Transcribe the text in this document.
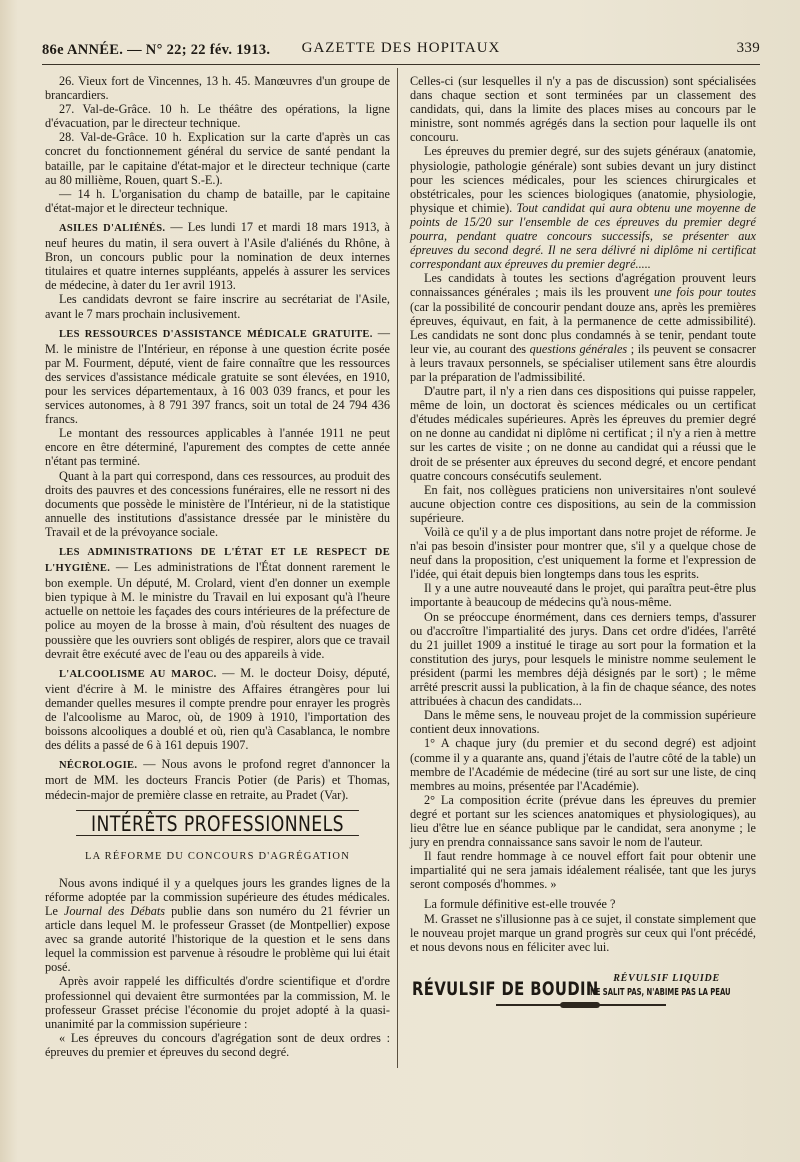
86e ANNÉE. — N° 22; 22 fév. 1913.	GAZETTE DES HOPITAUX	339

26. Vieux fort de Vincennes, 13 h. 45. Manœuvres d'un groupe de brancardiers.

27. Val-de-Grâce. 10 h. Le théâtre des opérations, la ligne d'évacuation, par le directeur technique.

28. Val-de-Grâce. 10 h. Explication sur la carte d'après un cas concret du fonctionnement général du service de santé pendant la bataille, par le capitaine d'état-major et le directeur technique (carte au 80 millième, Rouen, quart S.-E.).

— 14 h. L'organisation du champ de bataille, par le capitaine d'état-major et le directeur technique.

ASILES D'ALIÉNÉS. — Les lundi 17 et mardi 18 mars 1913, à neuf heures du matin, il sera ouvert à l'Asile d'aliénés du Rhône, à Bron, un concours public pour la nomination de deux internes titulaires et quatre internes suppléants, appelés à assurer les services de médecine, à dater du 1er avril 1913.

Les candidats devront se faire inscrire au secrétariat de l'Asile, avant le 7 mars prochain inclusivement.

LES RESSOURCES D'ASSISTANCE MÉDICALE GRATUITE. — M. le ministre de l'Intérieur, en réponse à une question écrite posée par M. Fourment, député, vient de faire connaître que les ressources des services d'assistance médicale gratuite se sont élevées, en 1910, pour les services départementaux, à 16 003 039 francs, et pour les services autonomes, à 8 791 397 francs, soit un total de 24 794 436 francs.

Le montant des ressources applicables à l'année 1911 ne peut encore en être déterminé, l'apurement des comptes de cette année n'étant pas terminé.

Quant à la part qui correspond, dans ces ressources, au produit des droits des pauvres et des concessions funéraires, elle ne ressort ni des documents que possède le ministère de l'Intérieur, ni de la statistique annuelle des institutions d'assistance dressée par le ministère du Travail et de la prévoyance sociale.

LES ADMINISTRATIONS DE L'ÉTAT ET LE RESPECT DE L'HYGIÈNE. — Les administrations de l'État donnent rarement le bon exemple. Un député, M. Crolard, vient d'en donner un exemple bien typique à M. le ministre du Travail en lui exposant qu'à l'heure actuelle on nettoie les façades des cours intérieures de la préfecture de police au moyen de la brosse à main, d'où résultent des nuages de poussière que les ouvriers sont obligés de respirer, alors que ce travail devrait être exécuté avec de l'eau ou des appareils à vide.

L'ALCOOLISME AU MAROC. — M. le docteur Doisy, député, vient d'écrire à M. le ministre des Affaires étrangères pour lui demander quelles mesures il compte prendre pour enrayer les progrès de l'alcoolisme au Maroc, où, de 1909 à 1910, l'importation des boissons alcooliques a doublé et où, rien qu'à Casablanca, le nombre des délits a passé de 6 à 161 depuis 1907.

NÉCROLOGIE. — Nous avons le profond regret d'annoncer la mort de MM. les docteurs Francis Potier (de Paris) et Thomas, médecin-major de première classe en retraite, au Pradet (Var).

INTÉRÊTS PROFESSIONNELS
LA RÉFORME DU CONCOURS D'AGRÉGATION

Nous avons indiqué il y a quelques jours les grandes lignes de la réforme adoptée par la commission supérieure des études médicales. Le Journal des Débats publie dans son numéro du 21 février un article dans lequel M. le professeur Grasset (de Montpellier) expose avec sa grande autorité l'historique de la question et le sens dans lequel la commission est parvenue à résoudre le problème qui lui était posé.

Après avoir rappelé les difficultés d'ordre scientifique et d'ordre professionnel qui devaient être surmontées par la commission, M. le professeur Grasset précise l'économie du projet adopté à la quasi-unanimité par la commission supérieure :

« Les épreuves du concours d'agrégation sont de deux ordres : épreuves du premier et épreuves du second degré.

Celles-ci (sur lesquelles il n'y a pas de discussion) sont spécialisées dans chaque section et sont terminées par un classement des candidats, qui, dans la limite des places mises au concours par le ministre, sont nommés agrégés dans la section pour laquelle ils ont concouru.

Les épreuves du premier degré, sur des sujets généraux (anatomie, physiologie, pathologie générale) sont subies devant un jury distinct pour les sciences médicales, pour les sciences chirurgicales et obstétricales, pour les sciences biologiques (anatomie, physiologie, physique et chimie). Tout candidat qui aura obtenu une moyenne de points de 15/20 sur l'ensemble de ces épreuves du premier degré pourra, pendant quatre concours successifs, se présenter aux épreuves du second degré. Il ne sera délivré ni diplôme ni certificat correspondant aux épreuves du premier degré.....

Les candidats à toutes les sections d'agrégation prouvent leurs connaissances générales ; mais ils les prouvent une fois pour toutes (car la possibilité de concourir pendant douze ans, après les premières épreuves, équivaut, en fait, à la permanence de cette admissibilité). Les candidats ne sont donc plus condamnés à se tenir, pendant toute leur vie, au courant des questions générales ; ils peuvent se consacrer à leurs travaux personnels, se spécialiser utilement sans être alourdis par la préparation de l'admissibilité.

D'autre part, il n'y a rien dans ces dispositions qui puisse rappeler, même de loin, un doctorat ès sciences médicales ou un certificat d'études médicales supérieures. Après les épreuves du premier degré on ne donne au candidat ni diplôme ni certificat ; il n'y a rien à mettre sur les cartes de visite ; on ne donne au candidat qui a réussi que le droit de se présenter aux épreuves du second degré, et encore pendant quatre concours consécutifs seulement.

En fait, nos collègues praticiens non universitaires n'ont soulevé aucune objection contre ces dispositions, au sein de la commission supérieure.

Voilà ce qu'il y a de plus important dans notre projet de réforme. Je n'ai pas besoin d'insister pour montrer que, s'il y a quelque chose de neuf dans la proposition, c'est uniquement la forme et l'expression de l'idée, qui était depuis bien longtemps dans tous les esprits.

Il y a une autre nouveauté dans le projet, qui paraîtra peut-être plus importante à beaucoup de médecins qu'à nous-même.

On se préoccupe énormément, dans ces derniers temps, d'assurer ou d'accroître l'impartialité des jurys. Dans cet ordre d'idées, l'arrêté du 21 juillet 1909 a institué le tirage au sort pour la formation et la constitution des jurys, pour lesquels le ministre nomme seulement le président (parmi les membres déjà désignés par le sort) ; le même arrêté prescrit aussi la publication, à la fin de chaque séance, des notes attribuées à chacun des candidats...

Dans le même sens, le nouveau projet de la commission supérieure contient deux innovations.

1° A chaque jury (du premier et du second degré) est adjoint (comme il y a quarante ans, quand j'étais de l'autre côté de la table) un membre de l'Académie de médecine (tiré au sort sur une liste, de cinq membres au moins, présentée par l'Académie).

2° La composition écrite (prévue dans les épreuves du premier degré et portant sur les sciences anatomiques et physiologiques), au lieu d'être lue en séance publique par le candidat, sera anonyme ; le jury en prendra connaissance sans savoir le nom de l'auteur.

Il faut rendre hommage à ce nouvel effort fait pour obtenir une impartialité qui ne sera jamais idéalement réalisée, tant que les jurys seront composés d'hommes. »

La formule définitive est-elle trouvée ?

M. Grasset ne s'illusionne pas à ce sujet, il constate simplement que le nouveau projet marque un grand progrès sur ceux qui l'ont précédé, et nous devons nous en féliciter avec lui.

RÉVULSIF LIQUIDE
RÉVULSIF DE BOUDIN
NE SALIT PAS, N'ABIME PAS LA PEAU
